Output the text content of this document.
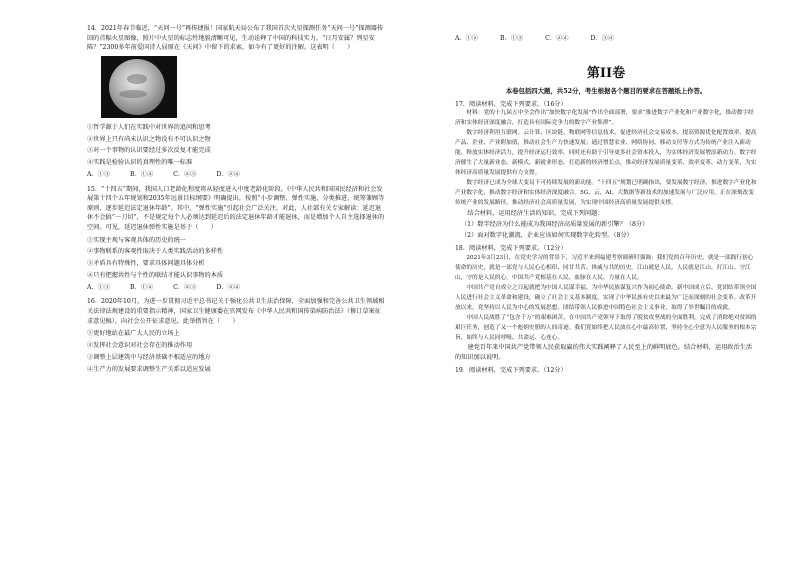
14．2021年春节临近，“天问一号”再传捷报！国家航天局公布了我国首次火星探测任务“天问一号”探测器传回的首幅火星图像，照片中火星的标志性地貌清晰可见，生动诠释了中国的科技实力。“日月安属？列星安陈？”2300多年前爱国诗人屈原在《天问》中留下的求索，如今有了更好的注解。这表明（　　）

①哲学源于人们在实践中对世界的追问和思考

②世界上只有尚未认识之物没有不可认识之物

③对一个事物的认识要经过多次反复才能完成

④实践是检验认识的真理性的唯一标准

A．①③	B．①④	C．②③	D．②④

15．“十四五”期间，我国人口老龄化程度将从轻度进入中度老龄化阶段。《中华人民共和国国民经济和社会发展第十四个五年规划和2035年远景目标纲要》明确提出，按照“小步调整、弹性实施、分类推进、统筹兼顾等原则，逐步延迟法定退休年龄”。其中，“弹性实施”引起社会广泛关注，对此，人社部有关专家解读：延迟退休不会搞“一刀切”，不是规定每个人必须达到延迟后的法定退休年龄才能退休，而是增加个人自主选择退休的空间。可见，延迟退休弹性实施是基于（　　）

①实现主观与客观具体的历史的统一

②事物联系的客观性取决于人类实践活动的多样性

③矛盾具有特殊性，要求具体问题具体分析

④只有把握共性与个性的联结才能认识事物的本质

A．①③	B．①④	C．②③	D．②④

16．2020年10月，为进一步贯彻习近平总书记关于强化公共卫生法治保障，全面加强和完善公共卫生领域相关法律法规建设的重要指示精神，国家卫生健康委在官网发布《中华人民共和国传染病防治法》（修订草案征求意见稿），向社会公开征求意见。此举措旨在（　　）

①更好地站在最广大人民的立场上

②发挥社会意识对社会存在的推动作用

③调整上层建筑中与经济基础不相适应的地方

④生产力的发展要求调整生产关系以适应发展

A．①②	B．①③	C．②④	D．③④
第II卷
本卷包括四大题，共52分，考生根据各个题目的要求在答题纸上作答。

17．阅读材料，完成下列要求。（16分）

材料：党的十九届五中全会作出“加快数字化发展”作出全面部署，要求“推进数字产业化和产业数字化，推动数字经济和实体经济深度融合，打造具有国际竞争力的数字产业集群”。

数字经济利用互联网、云计算、区块链、物联网等信息技术，促进经济社会交易成本，提高资源优化配置效率，提高产品、企业、产业附加值，推动社会生产力快速发展；通过智慧农业、网络协同、移动支付等方式为传统产业注入新动能，释放实体经济活力，提升经济运行效率。同时还有助于引导更多社会资本投入，为实体经济发展增添新动力。数字经济催生了大量新业态、新模式、新就业形态，打造新的经济增长点，推动经济发展质量变革、效率变革、动力变革，为实体经济高质量发展提供有力支撑。

数字经济已成为全球大变局下可持续发展的新动能。“十四五”规划已明确指出，要发展数字经济，推进数字产业化和产业数字化，推动数字经济和实体经济深度融合。5G、云、AI、大数据等新技术的加速发展与广泛应用，正在深刻改变传统产业的发展路径，推动经济社会高质量发展，为实现中国经济高质量发展提供支撑。

结合材料，运用经济生活的知识，完成下列问题：

（1）数字经济为什么能成为我国经济高质量发展的新引擎？（8分）

（2）面对数字化潮流，企业应该如何实现数字化转型。（8分）

18．阅读材料，完成下列要求。（12分）

2021年3月23日，在党史学习的背景下，习近平来到福建考察调研时强调：我们党的百年历史，就是一部践行初心使命的历史，就是一部党与人民心心相印、同甘共苦、休戚与共的历史。江山就是人民，人民就是江山。打江山、守江山，守的是人民的心。中国共产党根基在人民、血脉在人民、力量在人民。

中国共产党自成立之日起就把为中国人民谋幸福、为中华民族谋复兴作为初心使命。新中国成立后，党团结带领全国人民进行社会主义革命和建设，确立了社会主义基本制度，实现了中华民族有史以来最为广泛而深刻的社会变革。改革开放以来，党坚持以人民为中心的发展思想，团结带领人民推进中国特色社会主义事业，取得了举世瞩目的成就。

中国人民战胜了“包含千万”的艰难困苦，在中国共产党领导下取得了脱贫攻坚战的全面胜利，完成了消除绝对贫困的艰巨任务，创造了又一个彪炳史册的人间奇迹。我们党始终把人民放在心中最高位置，坚持全心全意为人民服务的根本宗旨，始终与人民同呼吸、共命运、心连心。

建党百年来中国共产党带领人民获取赢的伟大实践阐释了人民至上的鲜明底色。结合材料，运用政治生活的知识加以说明。

19．阅读材料，完成下列要求。（12分）
